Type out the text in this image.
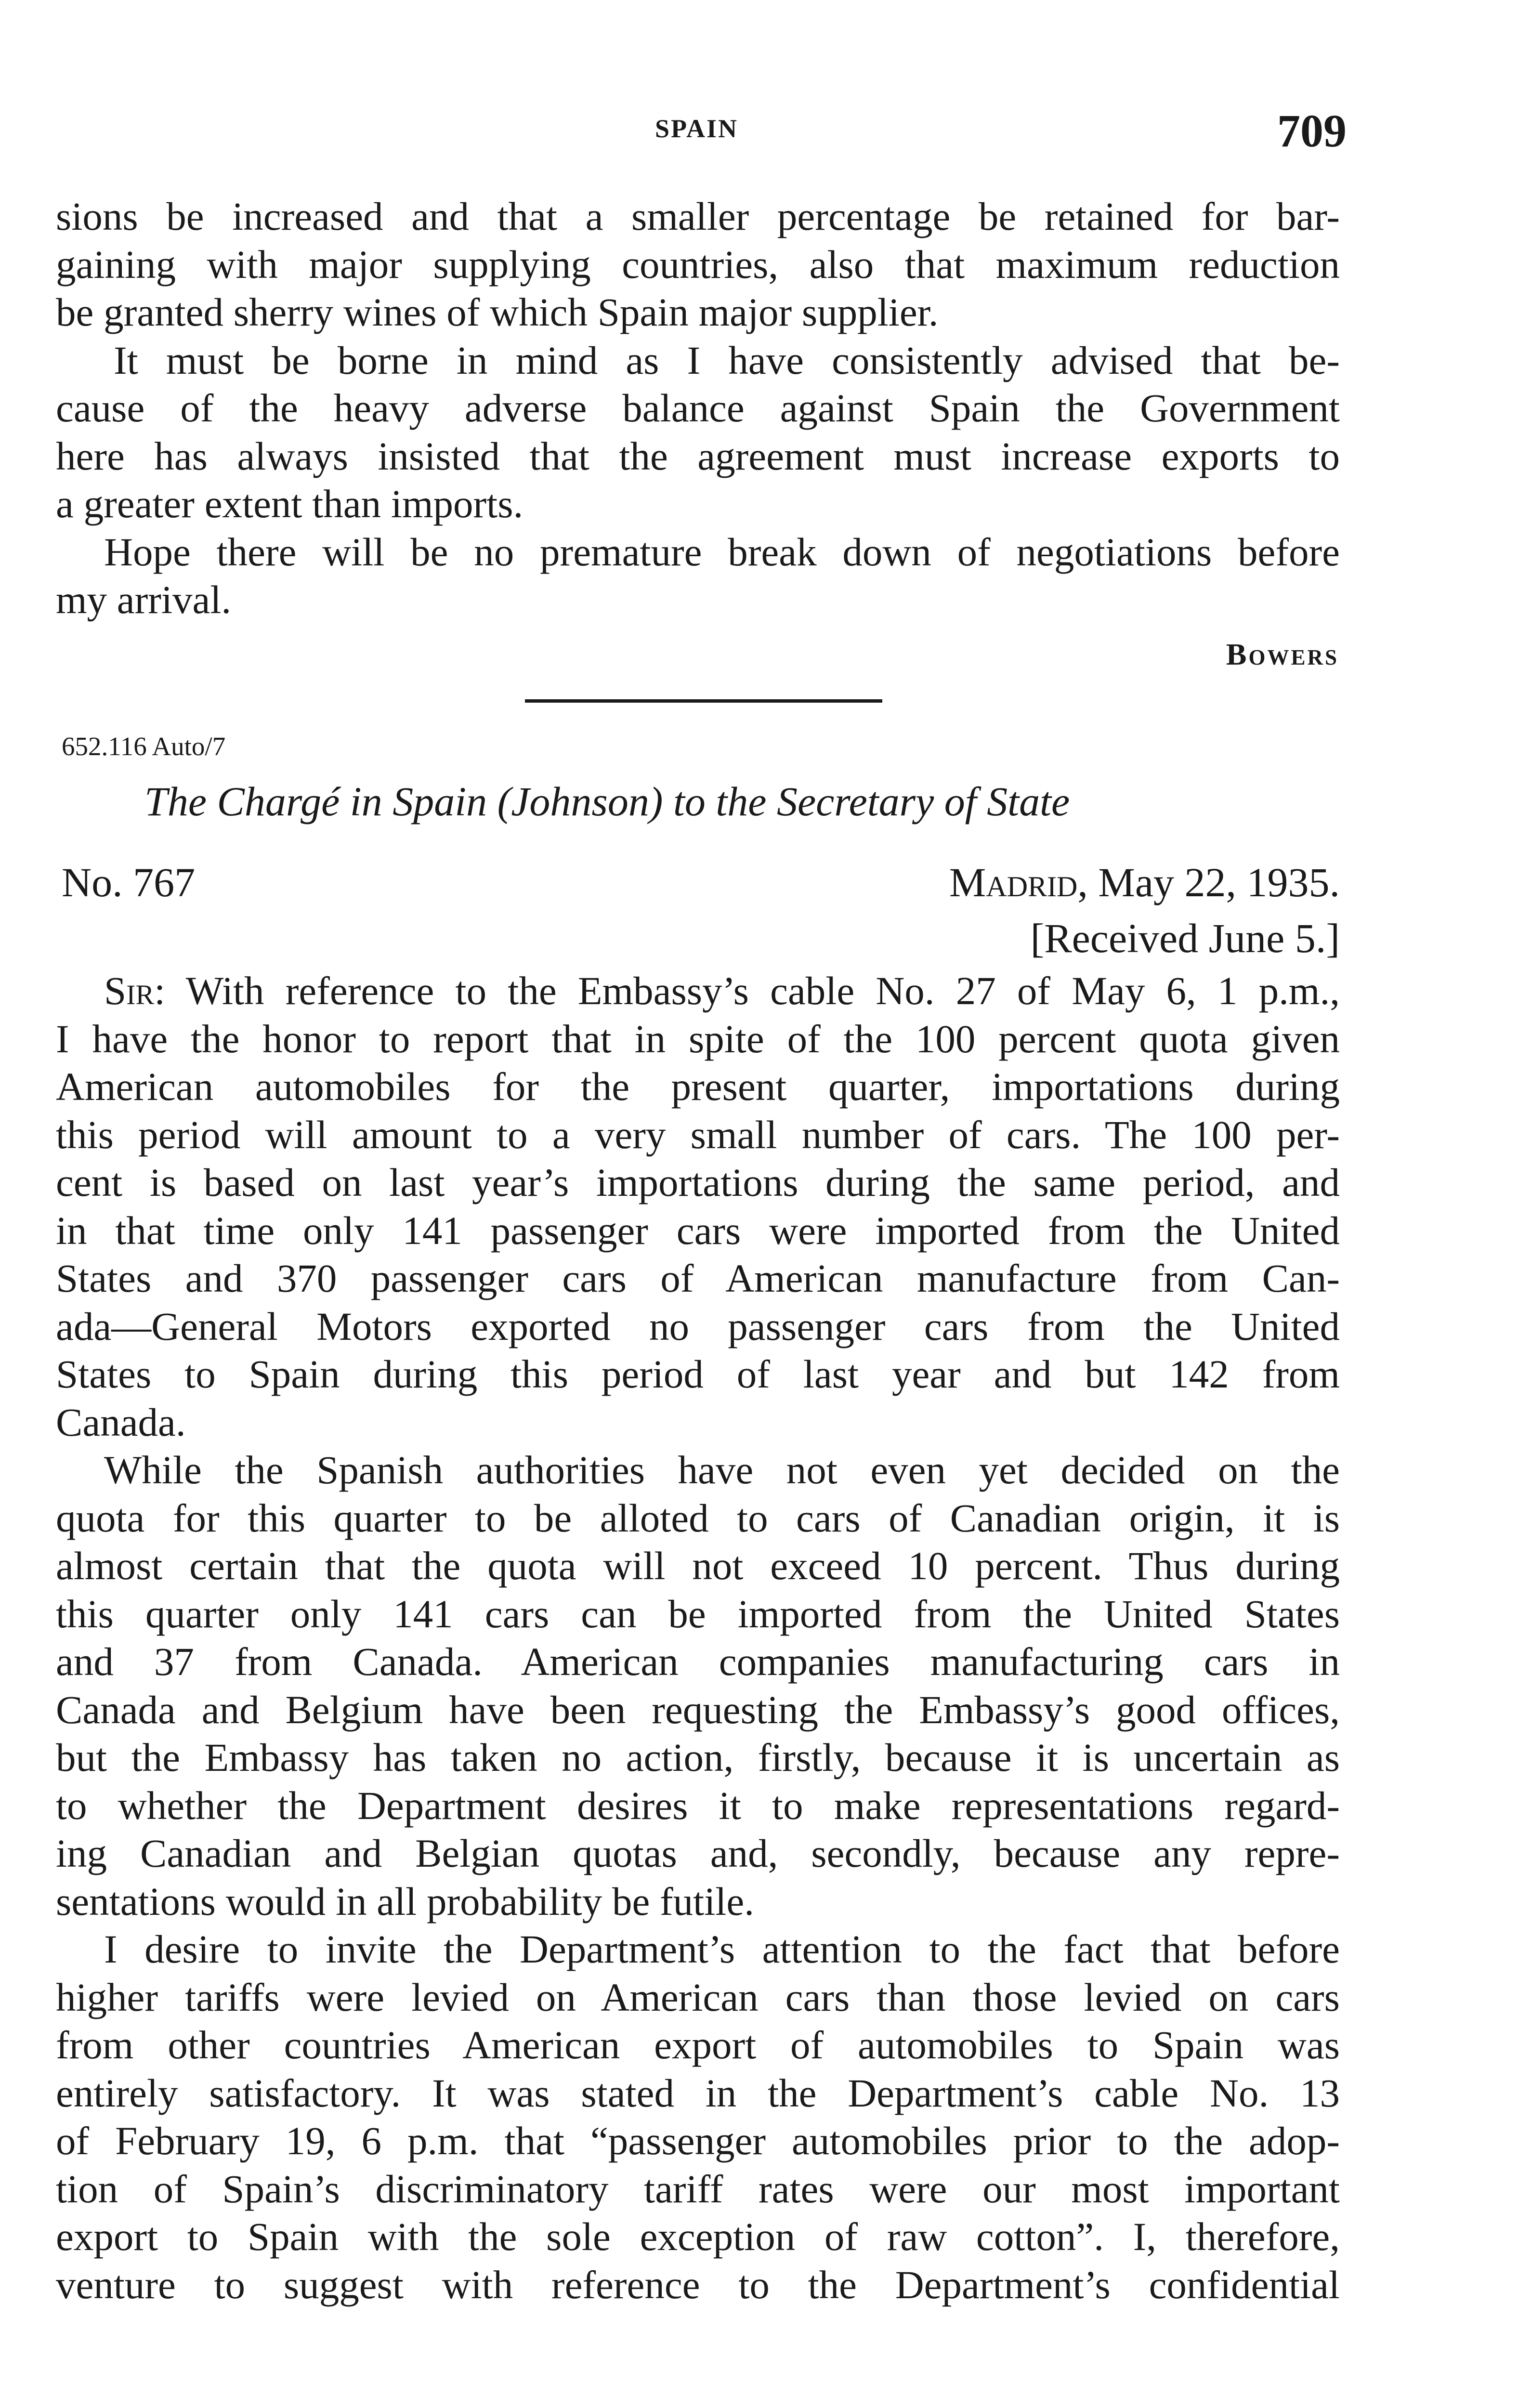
SPAIN	709

sions be increased and that a smaller percentage be retained for bar-

gaining with major supplying countries, also that maximum reduction

be granted sherry wines of which Spain major supplier.

It must be borne in mind as I have consistently advised that be-

cause of the heavy adverse balance against Spain the Government

here has always insisted that the agreement must increase exports to

a greater extent than imports.

Hope there will be no premature break down of negotiations before

my arrival.

Bowers
652.116 Auto/7
The Chargé in Spain (Johnson) to the Secretary of State
No. 767	Madrid, May 22, 1935.
[Received June 5.]

Sir: With reference to the Embassy’s cable No. 27 of May 6, 1 p.m.,

I have the honor to report that in spite of the 100 percent quota given

American automobiles for the present quarter, importations during

this period will amount to a very small number of cars. The 100 per-

cent is based on last year’s importations during the same period, and

in that time only 141 passenger cars were imported from the United

States and 370 passenger cars of American manufacture from Can-

ada—General Motors exported no passenger cars from the United

States to Spain during this period of last year and but 142 from

Canada.

While the Spanish authorities have not even yet decided on the

quota for this quarter to be alloted to cars of Canadian origin, it is

almost certain that the quota will not exceed 10 percent. Thus during

this quarter only 141 cars can be imported from the United States

and 37 from Canada. American companies manufacturing cars in

Canada and Belgium have been requesting the Embassy’s good offices,

but the Embassy has taken no action, firstly, because it is uncertain as

to whether the Department desires it to make representations regard-

ing Canadian and Belgian quotas and, secondly, because any repre-

sentations would in all probability be futile.

I desire to invite the Department’s attention to the fact that before

higher tariffs were levied on American cars than those levied on cars

from other countries American export of automobiles to Spain was

entirely satisfactory. It was stated in the Department’s cable No. 13

of February 19, 6 p.m. that “passenger automobiles prior to the adop-

tion of Spain’s discriminatory tariff rates were our most important

export to Spain with the sole exception of raw cotton”. I, therefore,

venture to suggest with reference to the Department’s confidential
